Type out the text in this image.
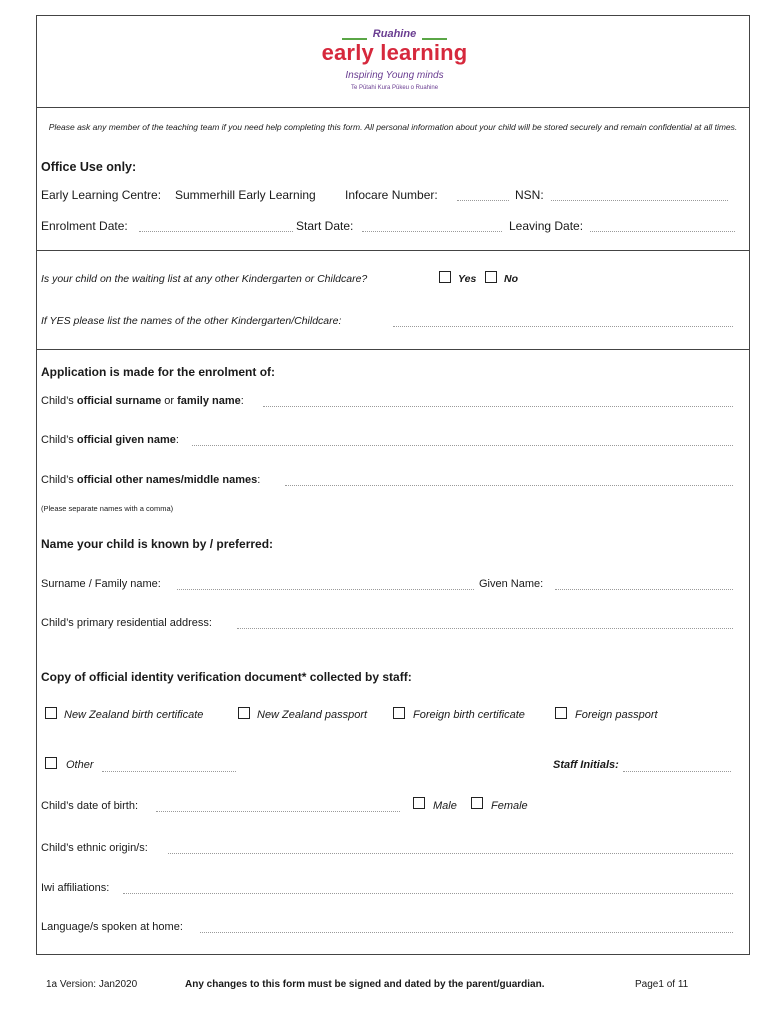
Ruahine
early learning
Inspiring Young minds
Te Pūtahi Kura Pūkeu o Ruahine
Please ask any member of the teaching team if you need help completing this form. All personal information about your child will be stored securely and remain confidential at all times.
Office Use only:
Early Learning Centre: Summerhill Early Learning Infocare Number:	NSN:
Enrolment Date:	Start Date:	Leaving Date:
Is your child on the waiting list at any other Kindergarten or Childcare?	Yes	No
If YES please list the names of the other Kindergarten/Childcare:
Application is made for the enrolment of:
Child’s official surname or family name:
Child’s official given name:
Child’s official other names/middle names:
(Please separate names with a comma)
Name your child is known by / preferred:
Surname / Family name:	Given Name:
Child’s primary residential address:
Copy of official identity verification document* collected by staff:
New Zealand birth certificate	New Zealand passport	Foreign birth certificate	Foreign passport
Other	Staff Initials:
Child’s date of birth:	Male	Female
Child’s ethnic origin/s:
Iwi affiliations:
Language/s spoken at home:
1a Version: Jan2020	Any changes to this form must be signed and dated by the parent/guardian.	Page1 of 11
